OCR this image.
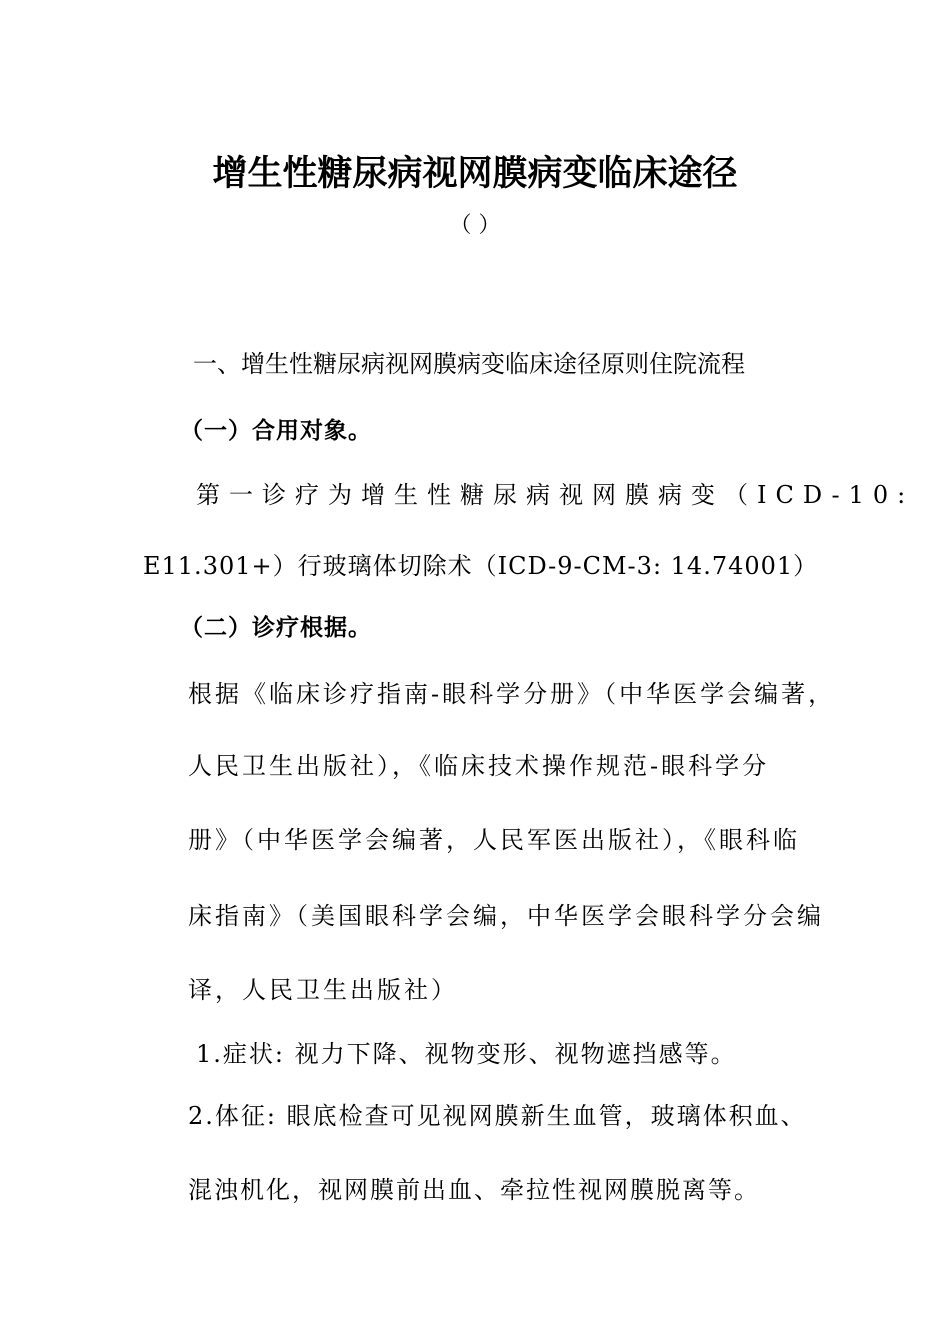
增生性糖尿病视网膜病变临床途径
（ ）
一、增生性糖尿病视网膜病变临床途径原则住院流程
（一）合用对象。
第一诊疗为增生性糖尿病视网膜病变（ICD-10:
E11.301+）行玻璃体切除术（ICD-9-CM-3: 14.74001）
（二）诊疗根据。
根据《临床诊疗指南-眼科学分册》（中华医学会编著，
人民卫生出版社），《临床技术操作规范-眼科学分
册》（中华医学会编著，人民军医出版社），《眼科临
床指南》（美国眼科学会编，中华医学会眼科学分会编
译，人民卫生出版社）
1.症状: 视力下降、视物变形、视物遮挡感等。
2.体征: 眼底检查可见视网膜新生血管，玻璃体积血、
混浊机化，视网膜前出血、牵拉性视网膜脱离等。
